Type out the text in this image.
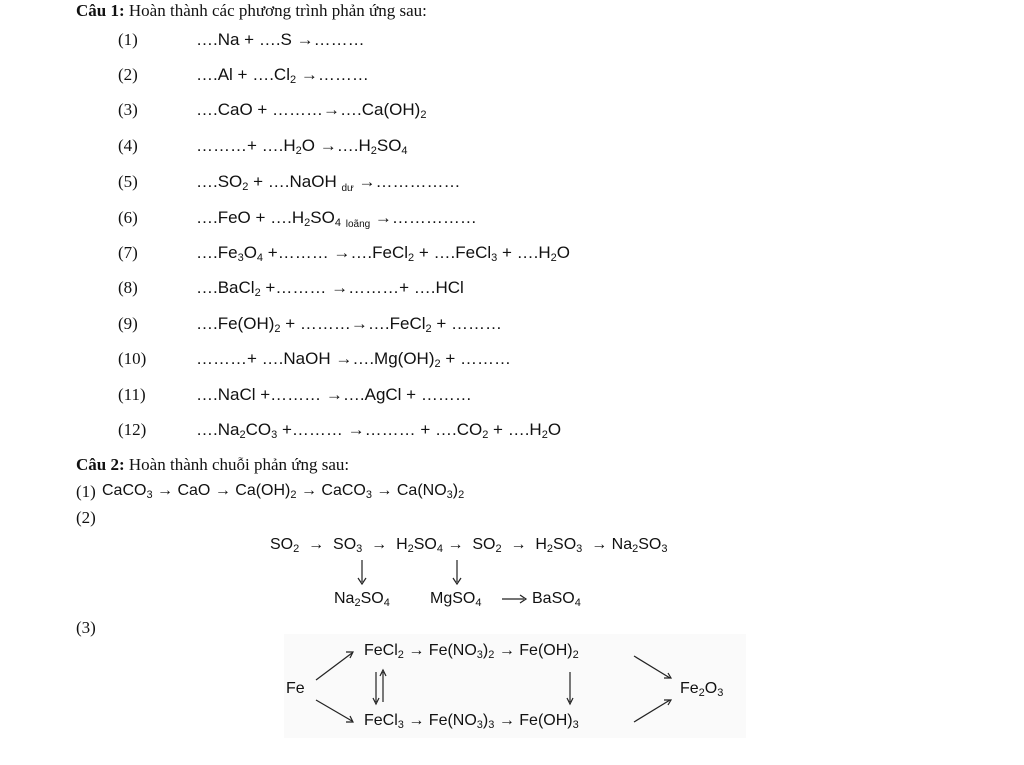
Câu 1: Hoàn thành các phương trình phản ứng sau:
(1)
(2)
(3)
(4)
(5)
(6)
(7)
(8)
(9)
(10)
(11)
(12)
….Na + ….S →………
….Al + $\dots.Cl_2$ →………
….CaO + $\dots\dots\dots\to\dots.Ca(OH)_2$
………+ $\dots.H_2O$ $\to\dots.H_2SO_4$
$\dots.SO_2$ + ….NaOH $_{dư}$ →……………
….FeO + $\dots.H_2SO_4$ $_{loãng}$ →……………
$\dots.Fe_3O_4$ +……… →….FeCl$_2$ + ….FeCl$_3$ + $\dots.H_2O$
….BaCl$_2$ +……… →………+ ….HCl
$\dots.Fe(OH)_2$ + ………→….FeCl$_2$ + ………
………+ ….NaOH $\to\dots.Mg(OH)_2$ + ………
….NaCl +……… →….AgCl + ………
$\dots.Na_2CO_3$ +……… →……… + $\dots.CO_2$ + $\dots.H_2O$
Câu 2: Hoàn thành chuỗi phản ứng sau:
(1) CaCO$_3$ → CaO → $Ca(OH)_2$ → CaCO$_3$ → $Ca(NO_3)_2$
(2)
$SO_2 \to SO_3 \to H_2SO_4 \to SO_2 \to H_2SO_3 \to Na_2SO_3$
$Na_2SO_4$	MgSO$_4$	BaSO$_4$
(3)
Fe
FeCl$_2$ → $Fe(NO_3)_2 \to Fe(OH)_2$
FeCl$_3$ → $Fe(NO_3)_3 \to Fe(OH)_3$
$Fe_2O_3$
